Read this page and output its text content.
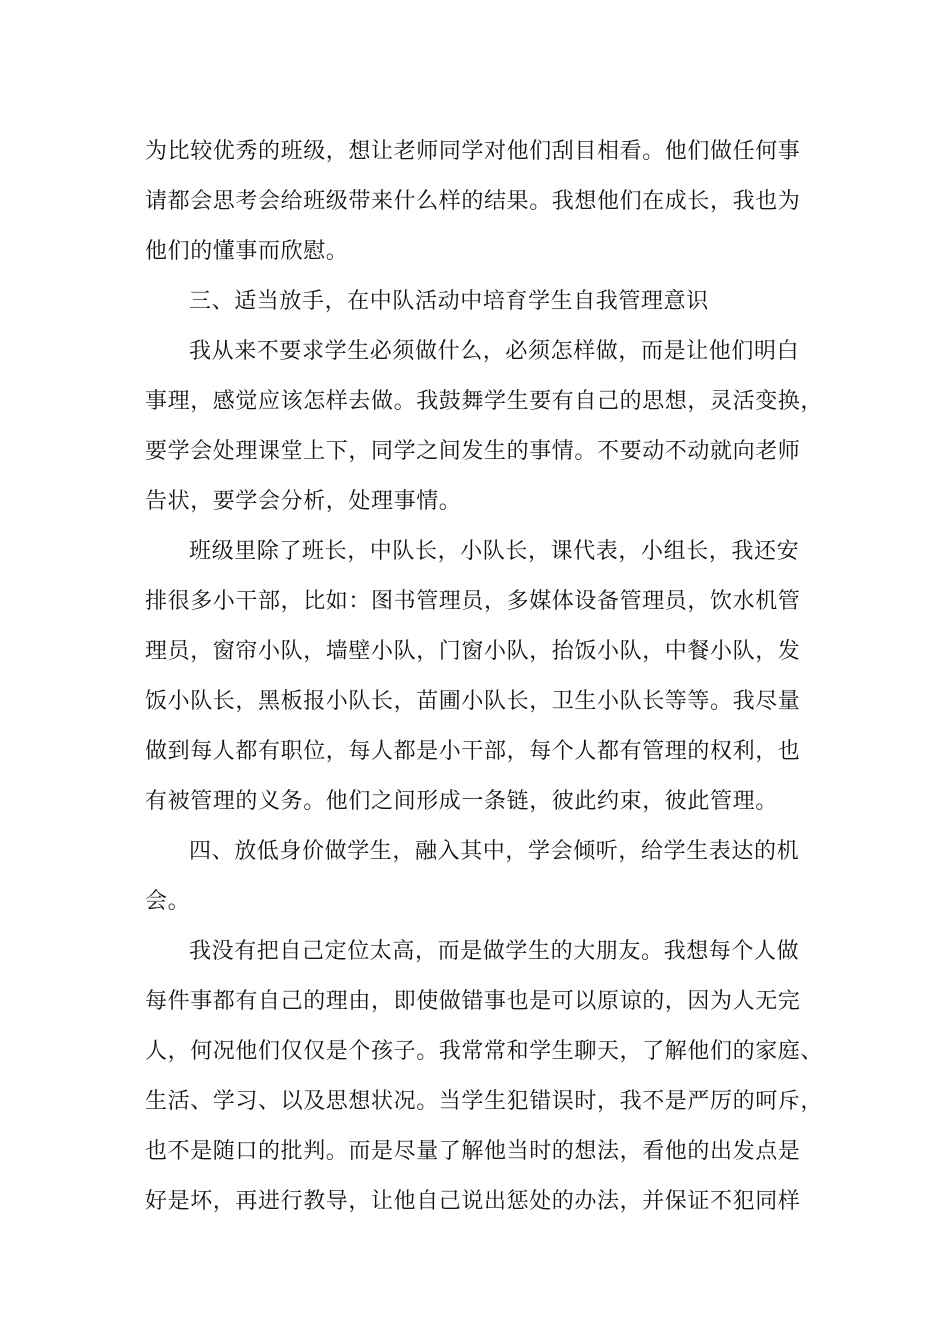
为比较优秀的班级，想让老师同学对他们刮目相看。他们做任何事
请都会思考会给班级带来什么样的结果。我想他们在成长，我也为
他们的懂事而欣慰。
三、适当放手，在中队活动中培育学生自我管理意识
我从来不要求学生必须做什么，必须怎样做，而是让他们明白
事理，感觉应该怎样去做。我鼓舞学生要有自己的思想，灵活变换，
要学会处理课堂上下，同学之间发生的事情。不要动不动就向老师
告状，要学会分析，处理事情。
班级里除了班长，中队长，小队长，课代表，小组长，我还安
排很多小干部，比如：图书管理员，多媒体设备管理员，饮水机管
理员，窗帘小队，墙壁小队，门窗小队，抬饭小队，中餐小队，发
饭小队长，黑板报小队长，苗圃小队长，卫生小队长等等。我尽量
做到每人都有职位，每人都是小干部，每个人都有管理的权利，也
有被管理的义务。他们之间形成一条链，彼此约束，彼此管理。
四、放低身价做学生，融入其中，学会倾听，给学生表达的机
会。
我没有把自己定位太高，而是做学生的大朋友。我想每个人做
每件事都有自己的理由，即使做错事也是可以原谅的，因为人无完
人，何况他们仅仅是个孩子。我常常和学生聊天，了解他们的家庭、
生活、学习、以及思想状况。当学生犯错误时，我不是严厉的呵斥，
也不是随口的批判。而是尽量了解他当时的想法，看他的出发点是
好是坏，再进行教导，让他自己说出惩处的办法，并保证不犯同样
